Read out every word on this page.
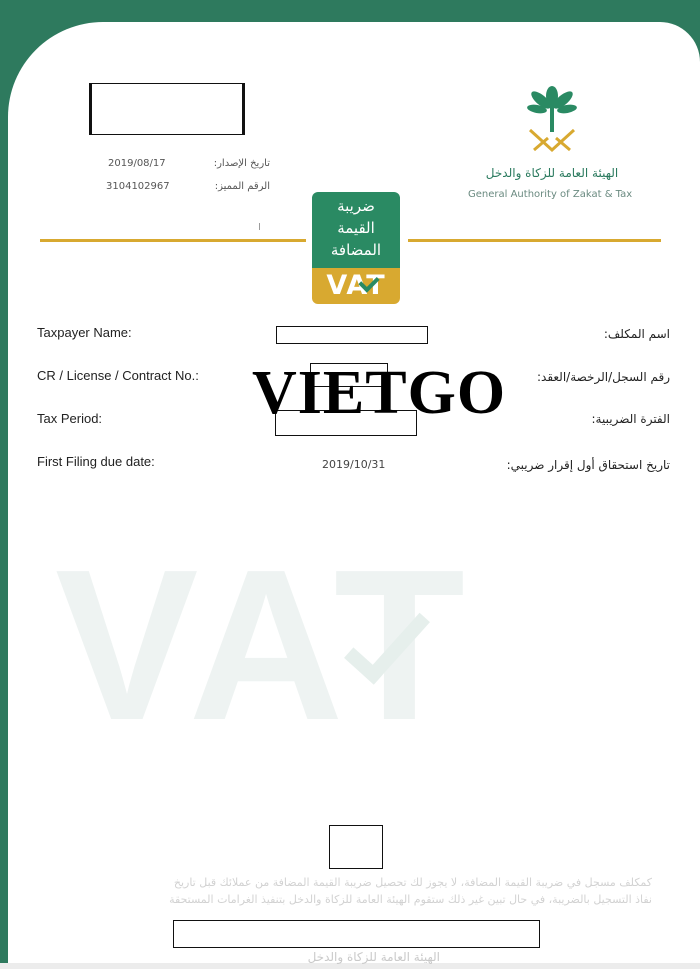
2019/08/17	تاريخ الإصدار:
3104102967	الرقم المميز:
الهيئة العامة للزكاة والدخل
General Authority of Zakat & Tax
I
ضريبة
القيمة
المضافة
VAT
Taxpayer Name:	اسم المكلف:
CR / License / Contract No.:	رقم السجل/الرخصة/العقد:
Tax Period:	الفترة الضريبية:
First Filing due date:	2019/10/31	تاريخ استحقاق أول إقرار ضريبي:
VIETGO
VAT
كمكلف مسجل في ضريبة القيمة المضافة، لا يجوز لك تحصيل ضريبة القيمة المضافة من عملائك قبل تاريخ
نفاذ التسجيل بالضريبة، في حال تبين غير ذلك ستقوم الهيئة العامة للزكاة والدخل بتنفيذ الغرامات المستحقة
الهيئة العامة للزكاة والدخل
